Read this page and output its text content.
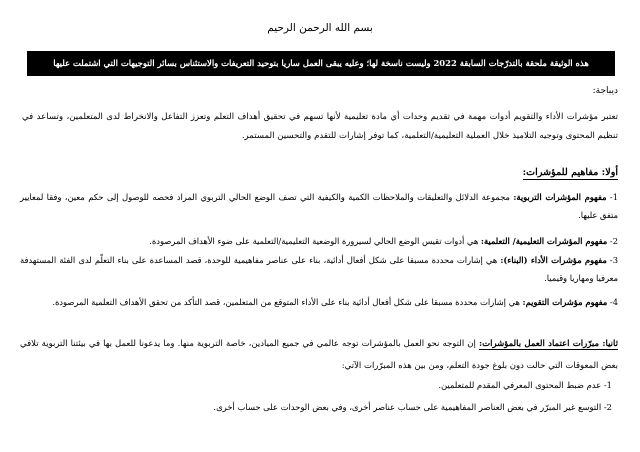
بسم الله الرحمن الرحيم
هذه الوثيقة ملحقة بالتدرّجات السابقة 2022 وليست ناسخة لها؛ وعليه يبقى العمل ساريا بتوحيد التعريفات والاستئناس بسائر التوجيهات التي اشتملت عليها
ديباجة:
تعتبر مؤشرات الأداء والتقويم أدوات مهمة في تقديم وحدات أي مادة تعليمية لأنها تسهم في تحقيق أهداف التعلم وتعزز التفاعل والانخراط لدى المتعلمين، وتساعد في تنظيم المحتوى وتوجيه التلاميذ خلال العملية التعليمية/التعلمية، كما توفر إشارات للتقدم والتحسين المستمر.
أولا: مفاهيم للمؤشرات:
1- مفهوم المؤشرات التربوية: مجموعة الدلائل والتعليقات والملاحظات الكمية والكيفية التي تصف الوضع الحالي التربوي المراد فحصه للوصول إلى حكم معين، وفقا لمعايير متفق عليها.
2- مفهوم المؤشرات التعليمية/ التعلمية: هي أدوات تقيس الوضع الحالي لسيرورة الوضعية التعليمية/التعلمية على ضوء الأهداف المرصودة.
3- مفهوم مؤشرات الأداء (البناء): هي إشارات محددة مسبقا على شكل أفعال أدائية، بناء على عناصر مفاهيمية للوحدة، قصد المساعدة على بناء التعلّم لدى الفئة المستهدفة معرفيا ومهاريا وقيميا.
4- مفهوم مؤشرات التقويم: هي إشارات محددة مسبقا على شكل أفعال أدائية بناء على الأداء المتوقع من المتعلمين، قصد التأكد من تحقق الأهداف التعلمية المرصودة.
ثانيا: مبرّرات اعتماد العمل بالمؤشرات: إن التوجه نحو العمل بالمؤشرات توجه عالمي في جميع الميادين، خاصة التربوية منها. وما يدعونا للعمل بها في بيئتنا التربوية تلافي بعض المعوقات التي حالت دون بلوغ جودة التعلم، ومن بين هذه المبرّرات الآتي:
1- عدم ضبط المحتوى المعرفي المقدم للمتعلمين.
2- التوسع غير المبرّر في بعض العناصر المفاهيمية على حساب عناصر أخرى، وفي بعض الوحدات على حساب أخرى.
